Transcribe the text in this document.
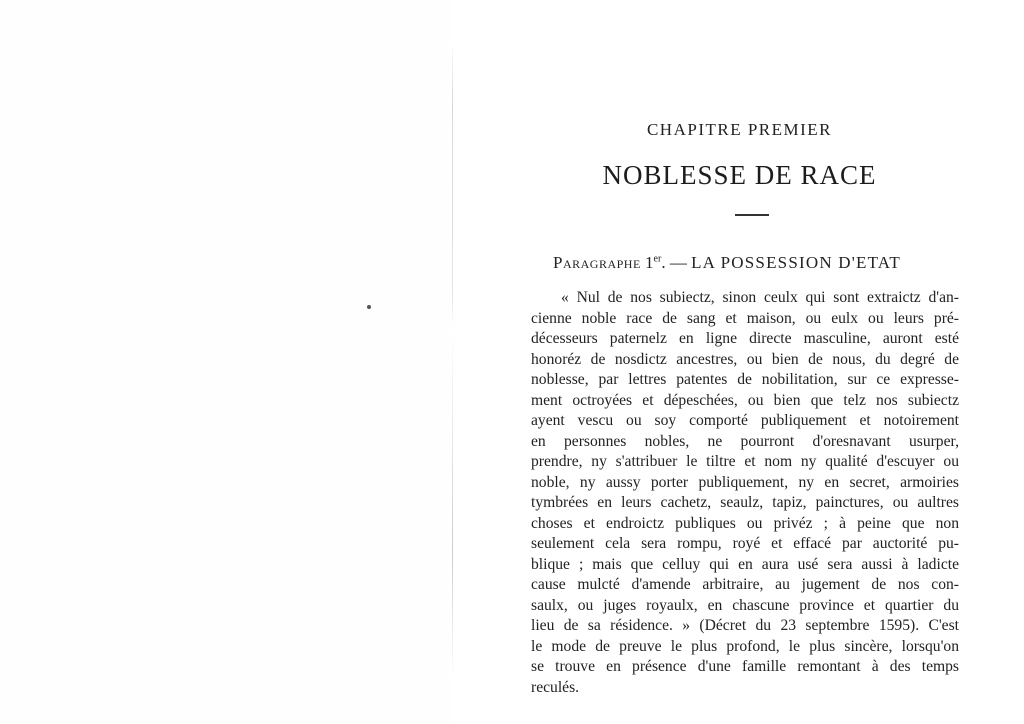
CHAPITRE PREMIER
NOBLESSE DE RACE
Paragraphe 1er. — LA POSSESSION D'ETAT
« Nul de nos subiectz, sinon ceulx qui sont extraictz d'an-
cienne noble race de sang et maison, ou eulx ou leurs pré-
décesseurs paternelz en ligne directe masculine, auront esté
honoréz de nosdictz ancestres, ou bien de nous, du degré de
noblesse, par lettres patentes de nobilitation, sur ce expresse-
ment octroyées et dépeschées, ou bien que telz nos subiectz
ayent vescu ou soy comporté publiquement et notoirement
en personnes nobles, ne pourront d'oresnavant usurper,
prendre, ny s'attribuer le tiltre et nom ny qualité d'escuyer ou
noble, ny aussy porter publiquement, ny en secret, armoiries
tymbrées en leurs cachetz, seaulz, tapiz, painctures, ou aultres
choses et endroictz publiques ou privéz ; à peine que non
seulement cela sera rompu, royé et effacé par auctorité pu-
blique ; mais que celluy qui en aura usé sera aussi à ladicte
cause mulcté d'amende arbitraire, au jugement de nos con-
saulx, ou juges royaulx, en chascune province et quartier du
lieu de sa résidence. » (Décret du 23 septembre 1595). C'est
le mode de preuve le plus profond, le plus sincère, lorsqu'on
se trouve en présence d'une famille remontant à des temps
reculés.
